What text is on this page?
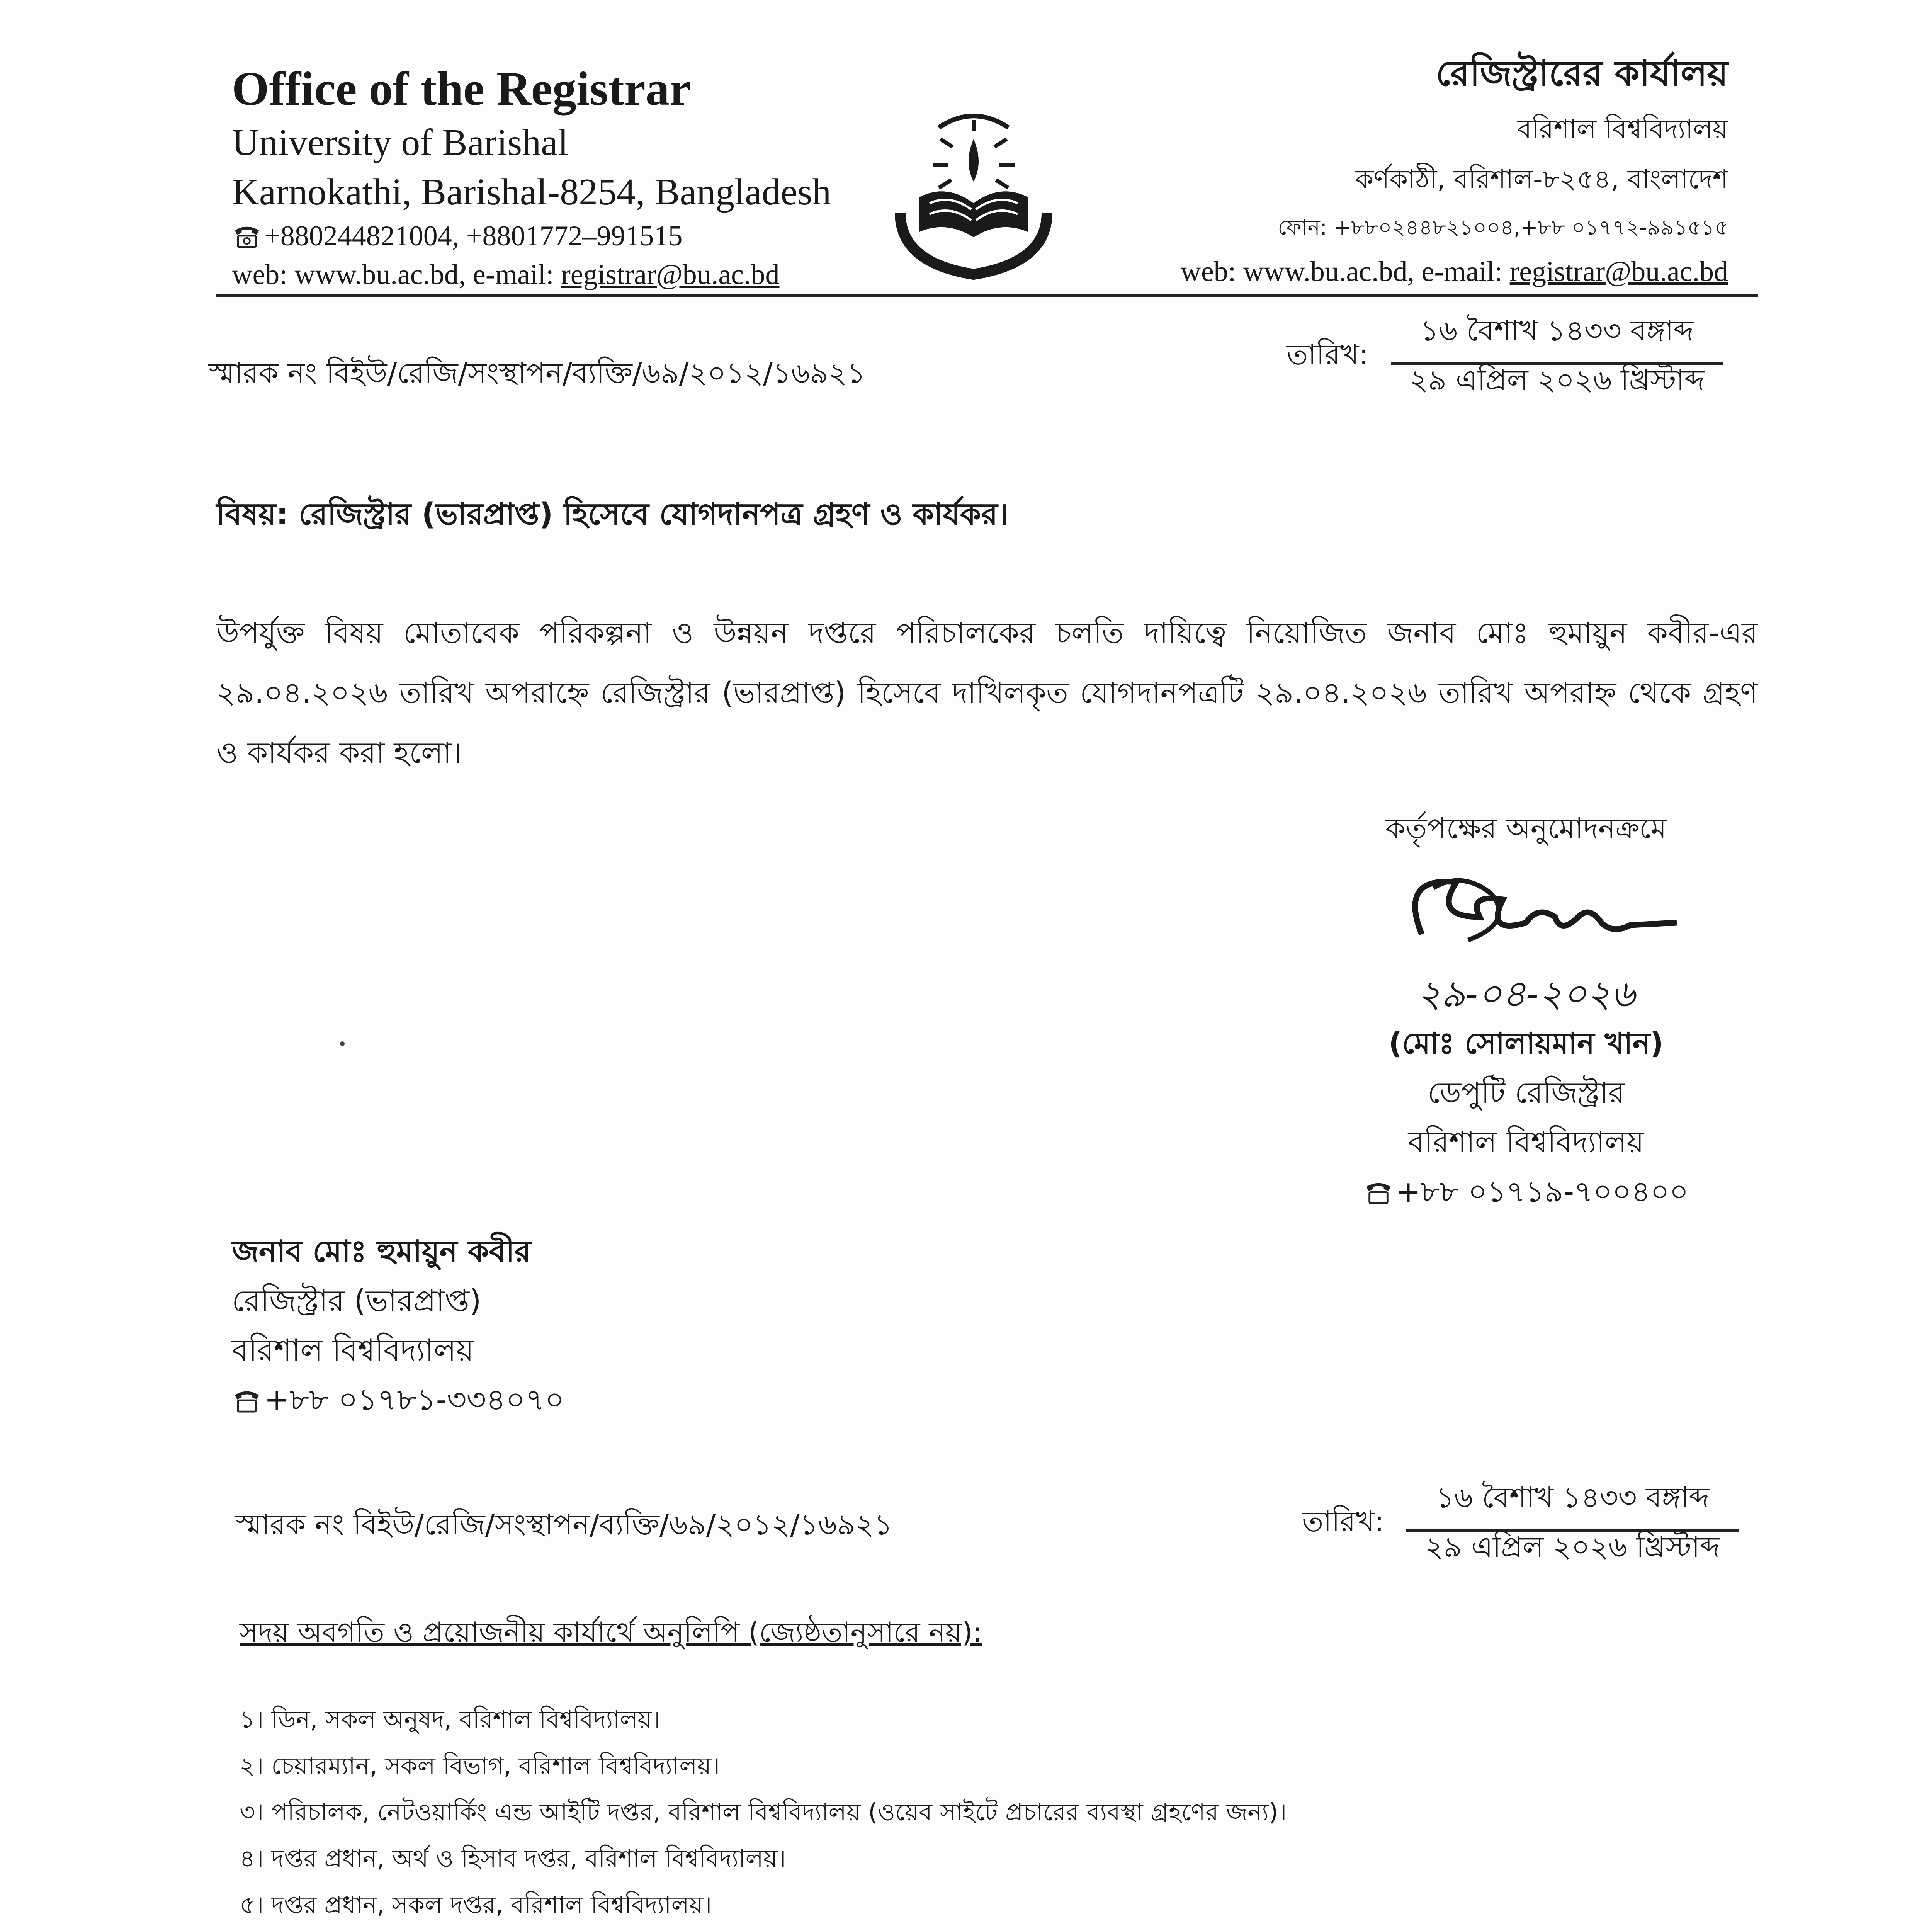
Office of the Registrar
University of Barishal
Karnokathi, Barishal-8254, Bangladesh
+880244821004, +8801772–991515
web: www.bu.ac.bd, e-mail: registrar@bu.ac.bd
রেজিস্ট্রারের কার্যালয়
বরিশাল বিশ্ববিদ্যালয়
কর্ণকাঠী, বরিশাল-৮২৫৪, বাংলাদেশ
ফোন: +৮৮০২৪৪৮২১০০৪,+৮৮ ০১৭৭২-৯৯১৫১৫
web: www.bu.ac.bd, e-mail: registrar@bu.ac.bd
স্মারক নং বিইউ/রেজি/সংস্থাপন/ব্যক্তি/৬৯/২০১২/১৬৯২১
তারিখ:
১৬ বৈশাখ ১৪৩৩ বঙ্গাব্দ
২৯ এপ্রিল ২০২৬ খ্রিস্টাব্দ
বিষয়: রেজিস্ট্রার (ভারপ্রাপ্ত) হিসেবে যোগদানপত্র গ্রহণ ও কার্যকর।
উপর্যুক্ত বিষয় মোতাবেক পরিকল্পনা ও উন্নয়ন দপ্তরে পরিচালকের চলতি দায়িত্বে নিয়োজিত জনাব মোঃ হুমায়ুন কবীর-এর ২৯.০৪.২০২৬ তারিখ অপরাহ্নে রেজিস্ট্রার (ভারপ্রাপ্ত) হিসেবে দাখিলকৃত যোগদানপত্রটি ২৯.০৪.২০২৬ তারিখ অপরাহ্ন থেকে গ্রহণ ও কার্যকর করা হলো।
কর্তৃপক্ষের অনুমোদনক্রমে
২৯-০৪-২০২৬
(মোঃ সোলায়মান খান)
ডেপুটি রেজিস্ট্রার
বরিশাল বিশ্ববিদ্যালয়
+৮৮ ০১৭১৯-৭০০৪০০
জনাব মোঃ হুমায়ুন কবীর
রেজিস্ট্রার (ভারপ্রাপ্ত)
বরিশাল বিশ্ববিদ্যালয়
+৮৮ ০১৭৮১-৩৩৪০৭০
স্মারক নং বিইউ/রেজি/সংস্থাপন/ব্যক্তি/৬৯/২০১২/১৬৯২১	তারিখ:
১৬ বৈশাখ ১৪৩৩ বঙ্গাব্দ
২৯ এপ্রিল ২০২৬ খ্রিস্টাব্দ
সদয় অবগতি ও প্রয়োজনীয় কার্যার্থে অনুলিপি (জ্যেষ্ঠতানুসারে নয়):
১। ডিন, সকল অনুষদ, বরিশাল বিশ্ববিদ্যালয়।
২। চেয়ারম্যান, সকল বিভাগ, বরিশাল বিশ্ববিদ্যালয়।
৩। পরিচালক, নেটওয়ার্কিং এন্ড আইটি দপ্তর, বরিশাল বিশ্ববিদ্যালয় (ওয়েব সাইটে প্রচারের ব্যবস্থা গ্রহণের জন্য)।
৪। দপ্তর প্রধান, অর্থ ও হিসাব দপ্তর, বরিশাল বিশ্ববিদ্যালয়।
৫। দপ্তর প্রধান, সকল দপ্তর, বরিশাল বিশ্ববিদ্যালয়।
